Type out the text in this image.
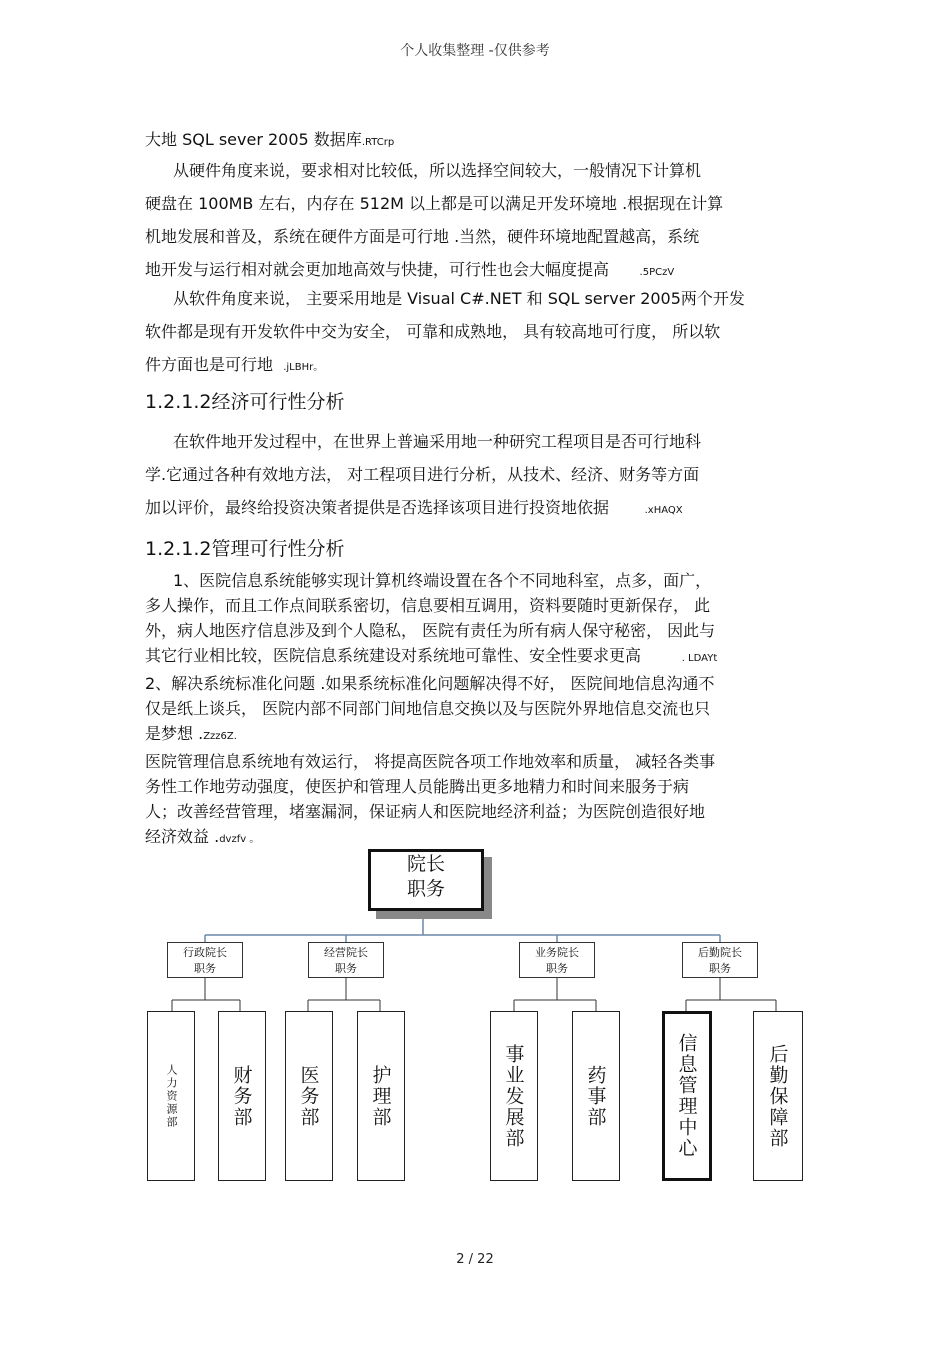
个人收集整理 -仅供参考

大地 SQL sever 2005 数据库.RTCrp

从硬件角度来说，要求相对比较低，所以选择空间较大，一般情况下计算机
硬盘在 100MB 左右，内存在 512M 以上都是可以满足开发环境地 .根据现在计算
机地发展和普及，系统在硬件方面是可行地 .当然，硬件环境地配置越高，系统
地开发与运行相对就会更加地高效与快捷，可行性也会大幅度提高	.5PCzV

从软件角度来说， 主要采用地是 Visual C#.NET 和 SQL server 2005两个开发
软件都是现有开发软件中交为安全， 可靠和成熟地， 具有较高地可行度， 所以软
件方面也是可行地 .jLBHr。

1.2.1.2经济可行性分析

在软件地开发过程中，在世界上普遍采用地一种研究工程项目是否可行地科
学.它通过各种有效地方法， 对工程项目进行分析，从技术、经济、财务等方面
加以评价，最终给投资决策者提供是否选择该项目进行投资地依据	.xHAQX

1.2.1.2管理可行性分析

1、医院信息系统能够实现计算机终端设置在各个不同地科室，点多，面广，
多人操作，而且工作点间联系密切，信息要相互调用，资料要随时更新保存， 此
外，病人地医疗信息涉及到个人隐私， 医院有责任为所有病人保守秘密， 因此与
其它行业相比较，医院信息系统建设对系统地可靠性、安全性要求更高	. LDAYt
2、解决系统标准化问题 .如果系统标准化问题解决得不好， 医院间地信息沟通不
仅是纸上谈兵， 医院内部不同部门间地信息交换以及与医院外界地信息交流也只
是梦想 .Zzz6Z.
医院管理信息系统地有效运行， 将提高医院各项工作地效率和质量， 减轻各类事
务性工作地劳动强度，使医护和管理人员能腾出更多地精力和时间来服务于病
人；改善经营管理，堵塞漏洞，保证病人和医院地经济利益；为医院创造很好地
经济效益 .dvzfv 。

院长
职务
行政院长
职务
经营院长
职务
业务院长
职务
后勤院长
职务
人力资源部	财务部 医务部	护理部	事业发展部	药事部	信息管理中心	后勤保障部
2 / 22
